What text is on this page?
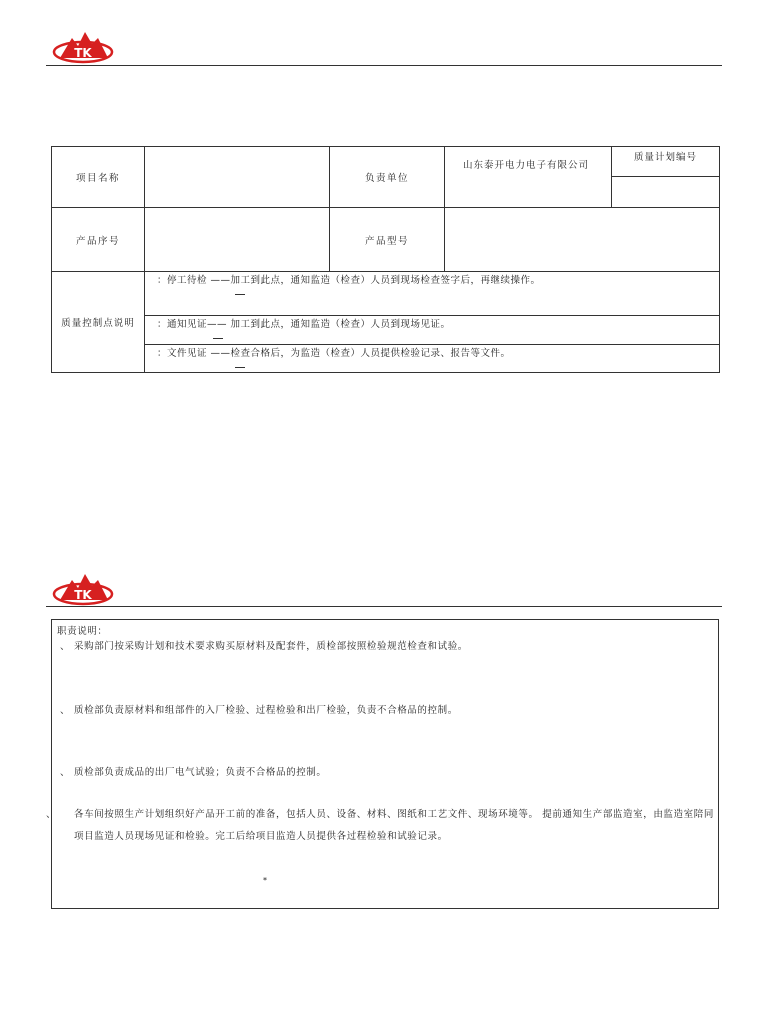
TK
项目名称		负责单位	山东泰开电力电子有限公司	质量计划编号

产品序号		产品型号		
质量控制点说明	：停工待检 ——加工到此点，通知监造（检查）人员到现场检查签字后，再继续操作。			

	：通知见证—— 加工到此点，通知监造（检查）人员到现场见证。			

	：文件见证 ——检查合格后，为监造（检查）人员提供检验记录、报告等文件。			
TK
职责说明：
、 采购部门按采购计划和技术要求购买原材料及配套件，质检部按照检验规范检查和试验。
、 质检部负责原材料和组部件的入厂检验、过程检验和出厂检验，负责不合格品的控制。
、 质检部负责成品的出厂电气试验；负责不合格品的控制。
、 各车间按照生产计划组织好产品开工前的准备，包括人员、设备、材料、图纸和工艺文件、现场环境等。 提前通知生产部监造室，由监造室陪同项目监造人员现场见证和检验。完工后给项目监造人员提供各过程检验和试验记录。
*
